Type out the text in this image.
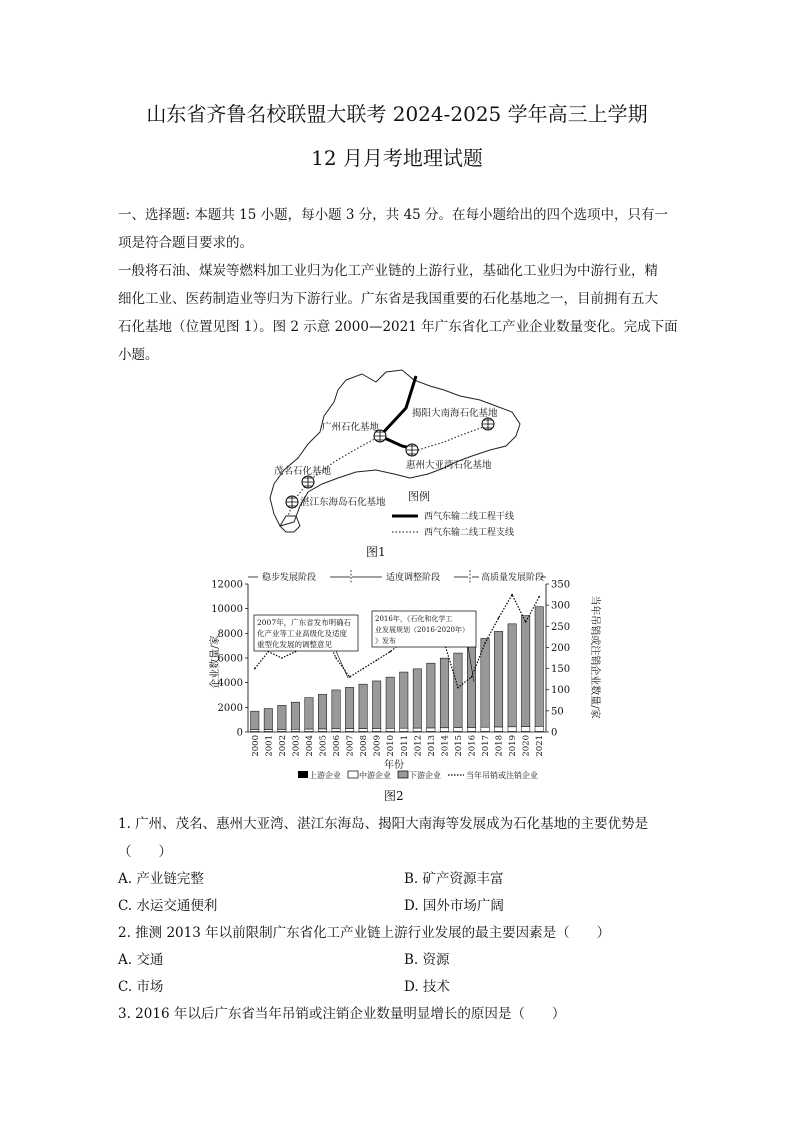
山东省齐鲁名校联盟大联考 2024-2025 学年高三上学期
12 月月考地理试题
一、选择题: 本题共 15 小题，每小题 3 分，共 45 分。在每小题给出的四个选项中，只有一
项是符合题目要求的。
一般将石油、煤炭等燃料加工业归为化工产业链的上游行业，基础化工业归为中游行业，精
细化工业、医药制造业等归为下游行业。广东省是我国重要的石化基地之一，目前拥有五大
石化基地（位置见图 1）。图 2 示意 2000—2021 年广东省化工产业企业数量变化。完成下面
小题。
广州石化基地
揭阳大南海石化基地
惠州大亚湾石化基地
茂名石化基地
湛江东海岛石化基地 图例
西气东输二线工程干线
西气东输二线工程支线
图1
0
2000
4000
6000
8000
10000
12000
0
50
100
150
200
250
300
350
2000 2001 2002 2003 2004 2005 2006 2007 2008 2009 2010 2011 2012 2013 2014 2015 2016 2017 2018 2019 2020 2021
稳步发展阶段	适度调整阶段	高质量发展阶段
2007年，广东省发布明确石
化产业等工业高级化及适度
重型化发展的调整意见
2016年，《石化和化学工
业发展规划（2016-2020年）
》发布
企业数量/家	当年吊销或注销企业数量/家
年份
上游企业 中游企业 下游企业	当年吊销或注销企业
图2
1. 广州、茂名、惠州大亚湾、湛江东海岛、揭阳大南海等发展成为石化基地的主要优势是
（　　）
A. 产业链完整	B. 矿产资源丰富
C. 水运交通便利	D. 国外市场广阔
2. 推测 2013 年以前限制广东省化工产业链上游行业发展的最主要因素是（　　）
A. 交通	B. 资源
C. 市场	D. 技术
3. 2016 年以后广东省当年吊销或注销企业数量明显增长的原因是（　　）
